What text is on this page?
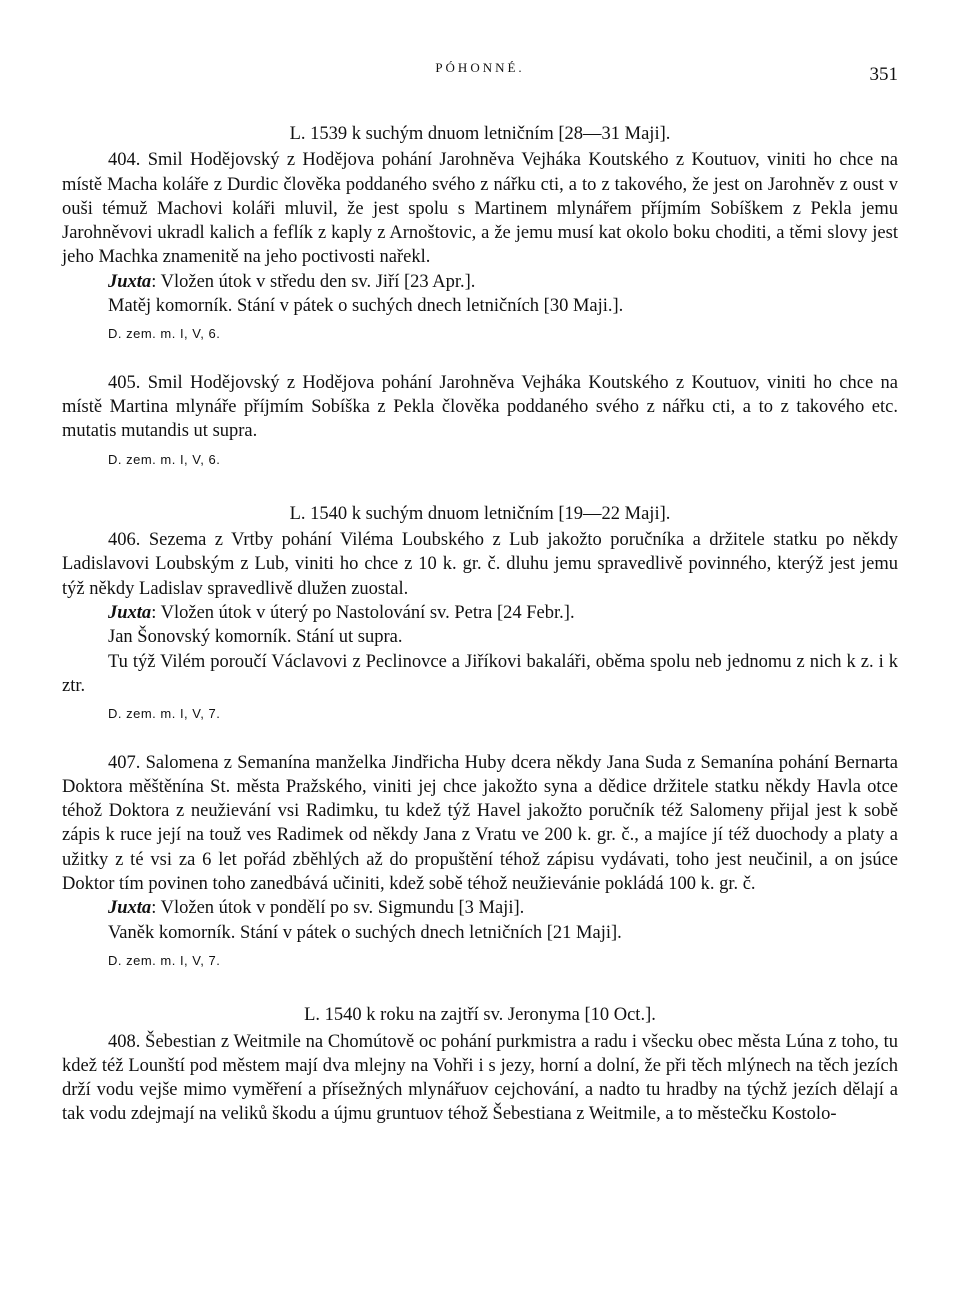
PÓHONNÉ.	351
L. 1539 k suchým dnuom letničním [28—31 Maji].

404. Smil Hodějovský z Hodějova pohání Jarohněva Vejháka Koutského z Koutuov, viniti ho chce na místě Macha koláře z Durdic člověka poddaného svého z nářku cti, a to z takového, že jest on Jarohněv z oust v ouši témuž Machovi koláři mluvil, že jest spolu s Martinem mlynářem příjmím Sobíškem z Pekla jemu Jarohněvovi ukradl kalich a feflík z kaply z Arnoštovic, a že jemu musí kat okolo boku choditi, a těmi slovy jest jeho Machka znamenitě na jeho poctivosti nařekl.

Juxta: Vložen útok v středu den sv. Jiří [23 Apr.].

Matěj komorník. Stání v pátek o suchých dnech letničních [30 Maji.].

D. zem. m. I, V, 6.

405. Smil Hodějovský z Hodějova pohání Jarohněva Vejháka Koutského z Koutuov, viniti ho chce na místě Martina mlynáře příjmím Sobíška z Pekla člověka poddaného svého z nářku cti, a to z takového etc. mutatis mutandis ut supra.

D. zem. m. I, V, 6.
L. 1540 k suchým dnuom letničním [19—22 Maji].

406. Sezema z Vrtby pohání Viléma Loubského z Lub jakožto poručníka a držitele statku po někdy Ladislavovi Loubským z Lub, viniti ho chce z 10 k. gr. č. dluhu jemu spravedlivě povinného, kterýž jest jemu týž někdy Ladislav spravedlivě dlužen zuostal.

Juxta: Vložen útok v úterý po Nastolování sv. Petra [24 Febr.].

Jan Šonovský komorník. Stání ut supra.

Tu týž Vilém poroučí Václavovi z Peclinovce a Jiříkovi bakaláři, oběma spolu neb jednomu z nich k z. i k ztr.

D. zem. m. I, V, 7.

407. Salomena z Semanína manželka Jindřicha Huby dcera někdy Jana Suda z Semanína pohání Bernarta Doktora měštěnína St. města Pražského, viniti jej chce jakožto syna a dědice držitele statku někdy Havla otce téhož Doktora z neužievání vsi Radimku, tu kdež týž Havel jakožto poručník též Salomeny přijal jest k sobě zápis k ruce její na touž ves Radimek od někdy Jana z Vratu ve 200 k. gr. č., a majíce jí též duochody a platy a užitky z té vsi za 6 let pořád zběhlých až do propuštění téhož zápisu vydávati, toho jest neučinil, a on jsúce Doktor tím povinen toho zanedbává učiniti, kdež sobě téhož neužievánie pokládá 100 k. gr. č.

Juxta: Vložen útok v pondělí po sv. Sigmundu [3 Maji].

Vaněk komorník. Stání v pátek o suchých dnech letničních [21 Maji].

D. zem. m. I, V, 7.
L. 1540 k roku na zajtří sv. Jeronyma [10 Oct.].

408. Šebestian z Weitmile na Chomútově oc pohání purkmistra a radu i všecku obec města Lúna z toho, tu kdež též Lounští pod městem mají dva mlejny na Vohři i s jezy, horní a dolní, že při těch mlýnech na těch jezích drží vodu vejše mimo vyměření a přísežných mlynářuov cejchování, a nadto tu hradby na týchž jezích dělají a tak vodu zdejmají na veliků škodu a újmu gruntuov téhož Šebestiana z Weitmile, a to městečku Kostolo-
